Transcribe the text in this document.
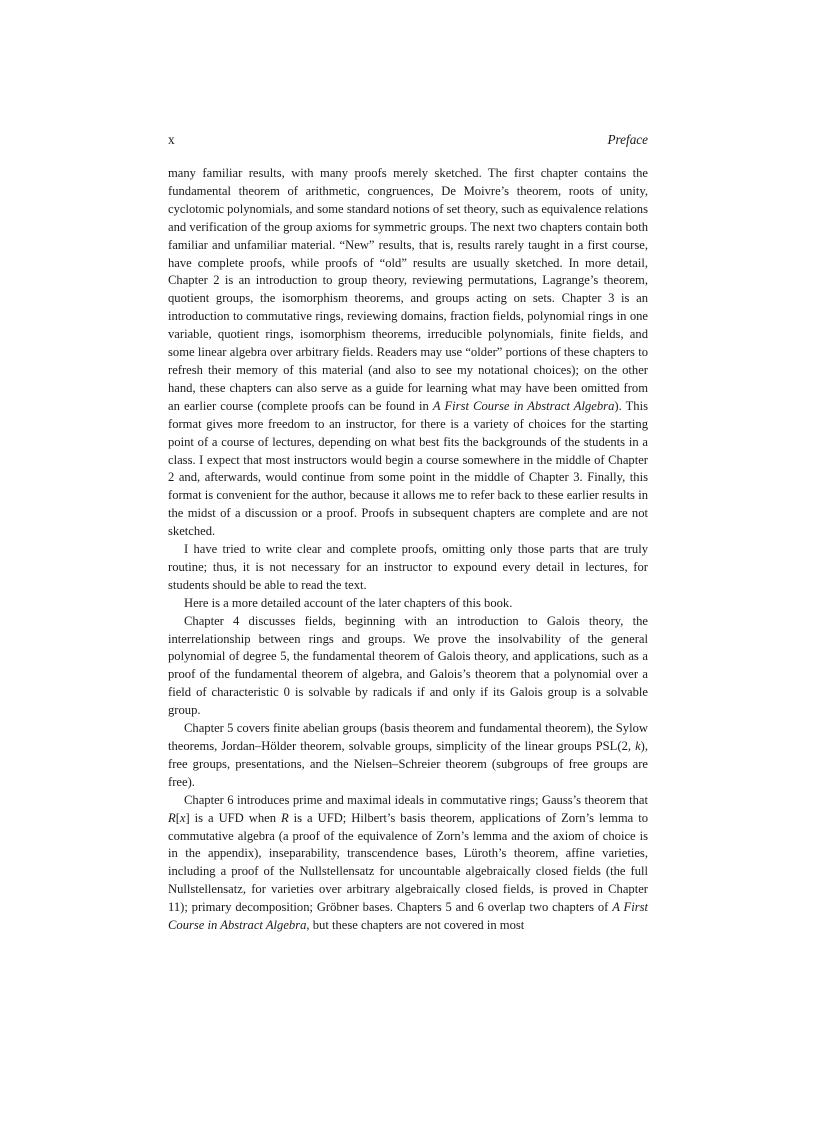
x	Preface

many familiar results, with many proofs merely sketched. The first chapter contains the fundamental theorem of arithmetic, congruences, De Moivre’s theorem, roots of unity, cyclotomic polynomials, and some standard notions of set theory, such as equivalence relations and verification of the group axioms for symmetric groups. The next two chapters contain both familiar and unfamiliar material. “New” results, that is, results rarely taught in a first course, have complete proofs, while proofs of “old” results are usually sketched. In more detail, Chapter 2 is an introduction to group theory, reviewing permutations, Lagrange’s theorem, quotient groups, the isomorphism theorems, and groups acting on sets. Chapter 3 is an introduction to commutative rings, reviewing domains, fraction fields, polynomial rings in one variable, quotient rings, isomorphism theorems, irreducible polynomials, finite fields, and some linear algebra over arbitrary fields. Readers may use “older” portions of these chapters to refresh their memory of this material (and also to see my notational choices); on the other hand, these chapters can also serve as a guide for learning what may have been omitted from an earlier course (complete proofs can be found in A First Course in Abstract Algebra). This format gives more freedom to an instructor, for there is a variety of choices for the starting point of a course of lectures, depending on what best fits the backgrounds of the students in a class. I expect that most instructors would begin a course somewhere in the middle of Chapter 2 and, afterwards, would continue from some point in the middle of Chapter 3. Finally, this format is convenient for the author, because it allows me to refer back to these earlier results in the midst of a discussion or a proof. Proofs in subsequent chapters are complete and are not sketched.

I have tried to write clear and complete proofs, omitting only those parts that are truly routine; thus, it is not necessary for an instructor to expound every detail in lectures, for students should be able to read the text.

Here is a more detailed account of the later chapters of this book.

Chapter 4 discusses fields, beginning with an introduction to Galois theory, the interrelationship between rings and groups. We prove the insolvability of the general polynomial of degree 5, the fundamental theorem of Galois theory, and applications, such as a proof of the fundamental theorem of algebra, and Galois’s theorem that a polynomial over a field of characteristic 0 is solvable by radicals if and only if its Galois group is a solvable group.

Chapter 5 covers finite abelian groups (basis theorem and fundamental theorem), the Sylow theorems, Jordan–Hölder theorem, solvable groups, simplicity of the linear groups PSL(2, k), free groups, presentations, and the Nielsen–Schreier theorem (subgroups of free groups are free).

Chapter 6 introduces prime and maximal ideals in commutative rings; Gauss’s theorem that R[x] is a UFD when R is a UFD; Hilbert’s basis theorem, applications of Zorn’s lemma to commutative algebra (a proof of the equivalence of Zorn’s lemma and the axiom of choice is in the appendix), inseparability, transcendence bases, Lüroth’s theorem, affine varieties, including a proof of the Nullstellensatz for uncountable algebraically closed fields (the full Nullstellensatz, for varieties over arbitrary algebraically closed fields, is proved in Chapter 11); primary decomposition; Gröbner bases. Chapters 5 and 6 overlap two chapters of A First Course in Abstract Algebra, but these chapters are not covered in most
